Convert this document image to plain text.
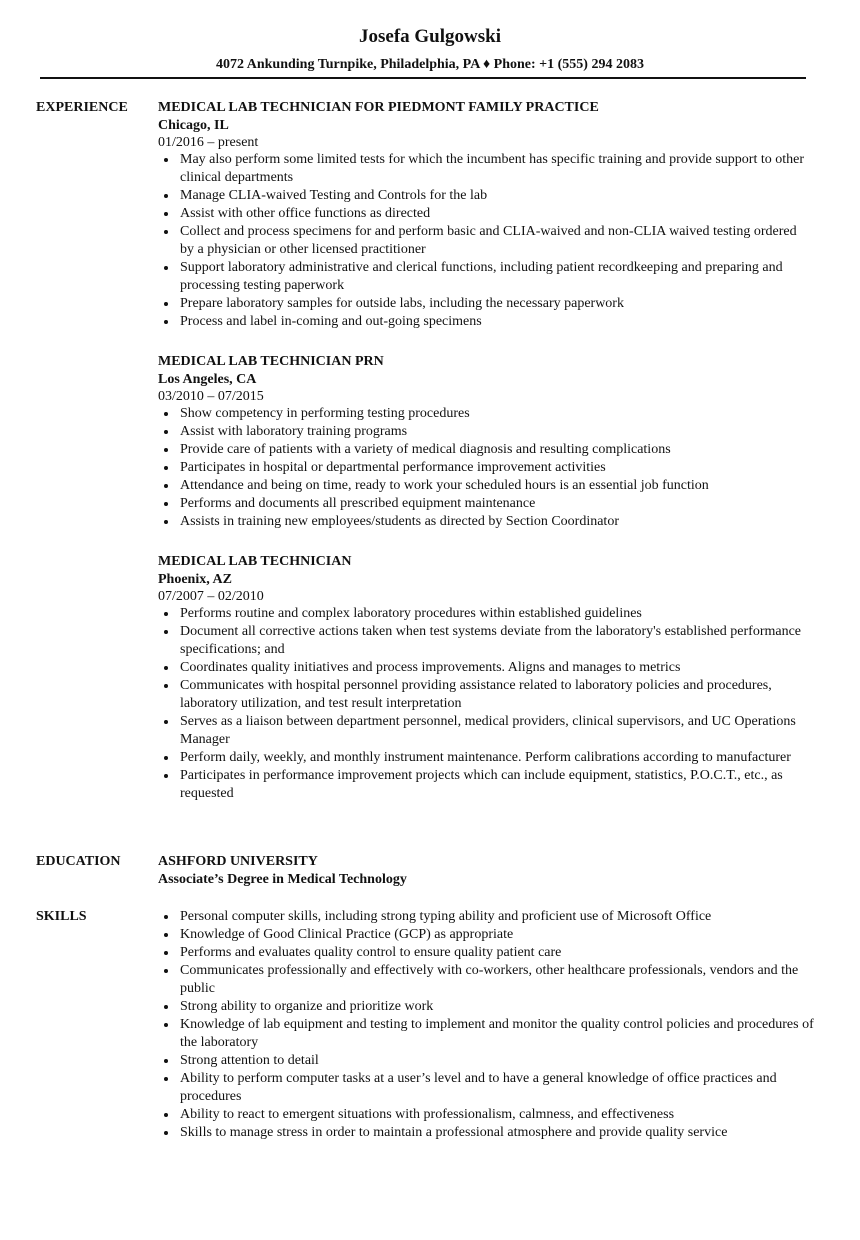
Josefa Gulgowski
4072 Ankunding Turnpike, Philadelphia, PA ♦ Phone: +1 (555) 294 2083
EXPERIENCE MEDICAL LAB TECHNICIAN FOR PIEDMONT FAMILY PRACTICE
Chicago, IL
01/2016 – present
May also perform some limited tests for which the incumbent has specific training and provide support to other clinical departments
Manage CLIA-waived Testing and Controls for the lab
Assist with other office functions as directed
Collect and process specimens for and perform basic and CLIA-waived and non-CLIA waived testing ordered by a physician or other licensed practitioner
Support laboratory administrative and clerical functions, including patient recordkeeping and preparing and processing testing paperwork
Prepare laboratory samples for outside labs, including the necessary paperwork
Process and label in-coming and out-going specimens
MEDICAL LAB TECHNICIAN PRN
Los Angeles, CA
03/2010 – 07/2015
Show competency in performing testing procedures
Assist with laboratory training programs
Provide care of patients with a variety of medical diagnosis and resulting complications
Participates in hospital or departmental performance improvement activities
Attendance and being on time, ready to work your scheduled hours is an essential job function
Performs and documents all prescribed equipment maintenance
Assists in training new employees/students as directed by Section Coordinator
MEDICAL LAB TECHNICIAN
Phoenix, AZ
07/2007 – 02/2010
Performs routine and complex laboratory procedures within established guidelines
Document all corrective actions taken when test systems deviate from the laboratory's established performance specifications; and
Coordinates quality initiatives and process improvements. Aligns and manages to metrics
Communicates with hospital personnel providing assistance related to laboratory policies and procedures, laboratory utilization, and test result interpretation
Serves as a liaison between department personnel, medical providers, clinical supervisors, and UC Operations Manager
Perform daily, weekly, and monthly instrument maintenance. Perform calibrations according to manufacturer
Participates in performance improvement projects which can include equipment, statistics, P.O.C.T., etc., as requested
EDUCATION	ASHFORD UNIVERSITY
Associate’s Degree in Medical Technology
SKILLS	Personal computer skills, including strong typing ability and proficient use of Microsoft Office
Knowledge of Good Clinical Practice (GCP) as appropriate
Performs and evaluates quality control to ensure quality patient care
Communicates professionally and effectively with co-workers, other healthcare professionals, vendors and the public
Strong ability to organize and prioritize work
Knowledge of lab equipment and testing to implement and monitor the quality control policies and procedures of the laboratory
Strong attention to detail
Ability to perform computer tasks at a user’s level and to have a general knowledge of office practices and procedures
Ability to react to emergent situations with professionalism, calmness, and effectiveness
Skills to manage stress in order to maintain a professional atmosphere and provide quality service
